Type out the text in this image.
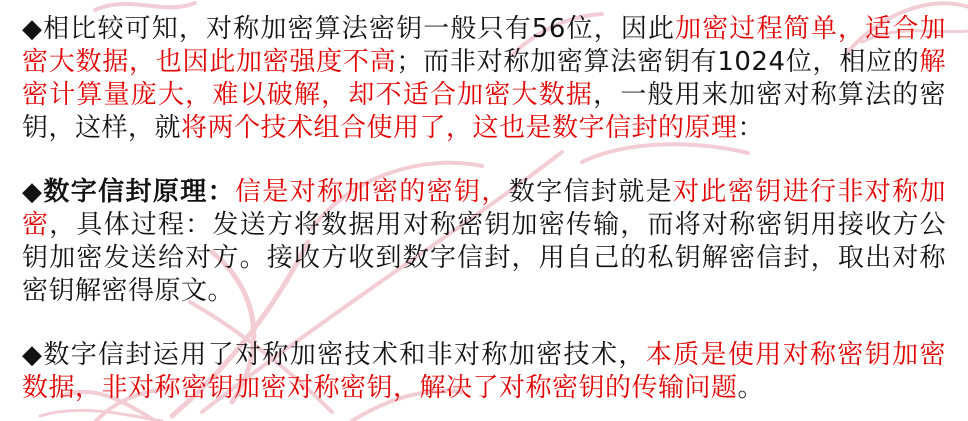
◆相比较可知，对称加密算法密钥一般只有56位，因此加密过程简单，适合加
密大数据，也因此加密强度不高；而非对称加密算法密钥有1024位，相应的解
密计算量庞大，难以破解，却不适合加密大数据，一般用来加密对称算法的密
钥，这样，就将两个技术组合使用了，这也是数字信封的原理：
◆数字信封原理：信是对称加密的密钥，数字信封就是对此密钥进行非对称加
密，具体过程：发送方将数据用对称密钥加密传输，而将对称密钥用接收方公
钥加密发送给对方。接收方收到数字信封，用自己的私钥解密信封，取出对称
密钥解密得原文。
◆数字信封运用了对称加密技术和非对称加密技术，本质是使用对称密钥加密
数据，非对称密钥加密对称密钥，解决了对称密钥的传输问题。
